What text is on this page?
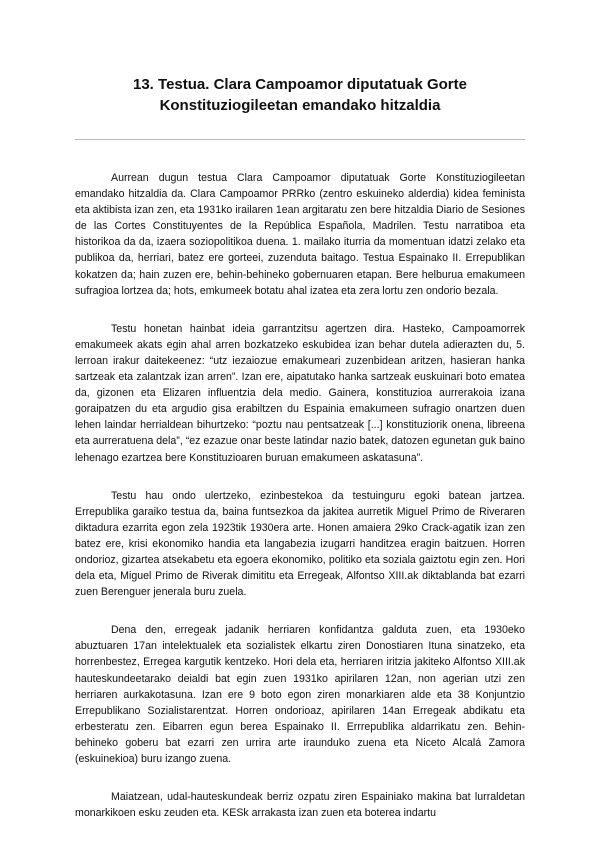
13. Testua. Clara Campoamor diputatuak Gorte
Konstituziogileetan emandako hitzaldia

Aurrean dugun testua Clara Campoamor diputatuak Gorte Konstituziogileetan emandako hitzaldia da. Clara Campoamor PRRko (zentro eskuineko alderdia) kidea feminista eta aktibista izan zen, eta 1931ko irailaren 1ean argitaratu zen bere hitzaldia Diario de Sesiones de las Cortes Constituyentes de la República Española, Madrilen. Testu narratiboa eta historikoa da da, izaera soziopolitikoa duena. 1. mailako iturria da momentuan idatzi zelako eta publikoa da, herriari, batez ere gorteei, zuzenduta baitago. Testua Espainako II. Errepublikan kokatzen da; hain zuzen ere, behin-behineko gobernuaren etapan. Bere helburua emakumeen sufragioa lortzea da; hots, emkumeek botatu ahal izatea eta zera lortu zen ondorio bezala.

Testu honetan hainbat ideia garrantzitsu agertzen dira. Hasteko, Campoamorrek emakumeek akats egin ahal arren bozkatzeko eskubidea izan behar dutela adierazten du, 5. lerroan irakur daitekeenez: “utz iezaiozue emakumeari zuzenbidean aritzen, hasieran hanka sartzeak eta zalantzak izan arren”. Izan ere, aipatutako hanka sartzeak euskuinari boto ematea da, gizonen eta Elizaren influentzia dela medio. Gainera, konstituzioa aurrerakoia izana goraipatzen du eta argudio gisa erabiltzen du Espainia emakumeen sufragio onartzen duen lehen laindar herrialdean bihurtzeko: “poztu nau pentsatzeak [...] konstituziorik onena, libreena eta aurreratuena dela”, “ez ezazue onar beste latindar nazio batek, datozen egunetan guk baino lehenago ezartzea bere Konstituzioaren buruan emakumeen askatasuna”.

Testu hau ondo ulertzeko, ezinbestekoa da testuinguru egoki batean jartzea. Errepublika garaiko testua da, baina funtsezkoa da jakitea aurretik Miguel Primo de Riveraren diktadura ezarrita egon zela 1923tik 1930era arte. Honen amaiera 29ko Crack-agatik izan zen batez ere, krisi ekonomiko handia eta langabezia izugarri handitzea eragin baitzuen. Horren ondorioz, gizartea atsekabetu eta egoera ekonomiko, politiko eta soziala gaiztotu egin zen. Hori dela eta, Miguel Primo de Riverak dimititu eta Erregeak, Alfontso XIII.ak diktablanda bat ezarri zuen Berenguer jenerala buru zuela.

Dena den, erregeak jadanik herriaren konfidantza galduta zuen, eta 1930eko abuztuaren 17an intelektualek eta sozialistek elkartu ziren Donostiaren Ituna sinatzeko, eta horrenbestez, Erregea kargutik kentzeko. Hori dela eta, herriaren iritzia jakiteko Alfontso XIII.ak hauteskundeetarako deialdi bat egin zuen 1931ko apirilaren 12an, non agerian utzi zen herriaren aurkakotasuna. Izan ere 9 boto egon ziren monarkiaren alde eta 38 Konjuntzio Errepublikano Sozialistarentzat. Horren ondorioaz, apirilaren 14an Erregeak abdikatu eta erbesteratu zen. Eibarren egun berea Espainako II. Errrepublika aldarrikatu zen. Behin-behineko goberu bat ezarri zen urrira arte iraunduko zuena eta Niceto Alcalá Zamora (eskuinekioa) buru izango zuena.

Maiatzean, udal-hauteskundeak berriz ozpatu ziren Espainiako makina bat lurraldetan monarkikoen esku zeuden eta. KESk arrakasta izan zuen eta boterea indartu
